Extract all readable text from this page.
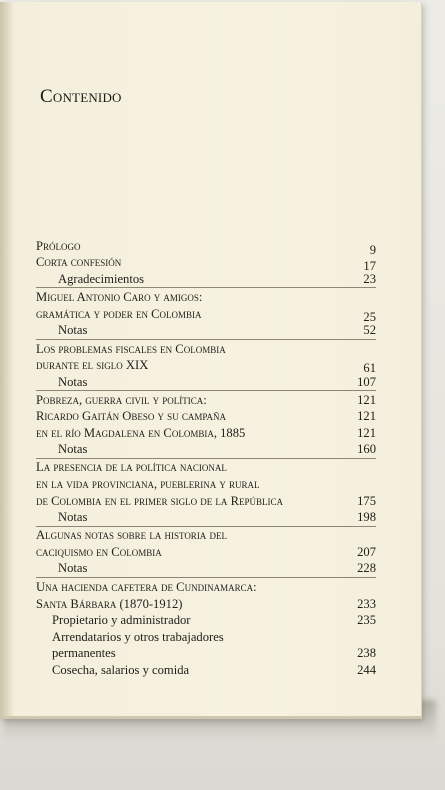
Contenido
Prólogo	9
Corta confesión	17
Agradecimientos	23
Miguel Antonio Caro y amigos:
gramática y poder en Colombia	25
Notas	52
Los problemas fiscales en Colombia
durante el siglo XIX	61
Notas	107
Pobreza, guerra civil y política:	121
Ricardo Gaitán Obeso y su campaña	121
en el río Magdalena en Colombia, 1885	121
Notas	160
La presencia de la política nacional
en la vida provinciana, pueblerina y rural
de Colombia en el primer siglo de la República	175
Notas	198
Algunas notas sobre la historia del
caciquismo en Colombia	207
Notas	228
Una hacienda cafetera de Cundinamarca:
Santa Bárbara (1870-1912)	233
Propietario y administrador	235
Arrendatarios y otros trabajadores
permanentes	238
Cosecha, salarios y comida	244
